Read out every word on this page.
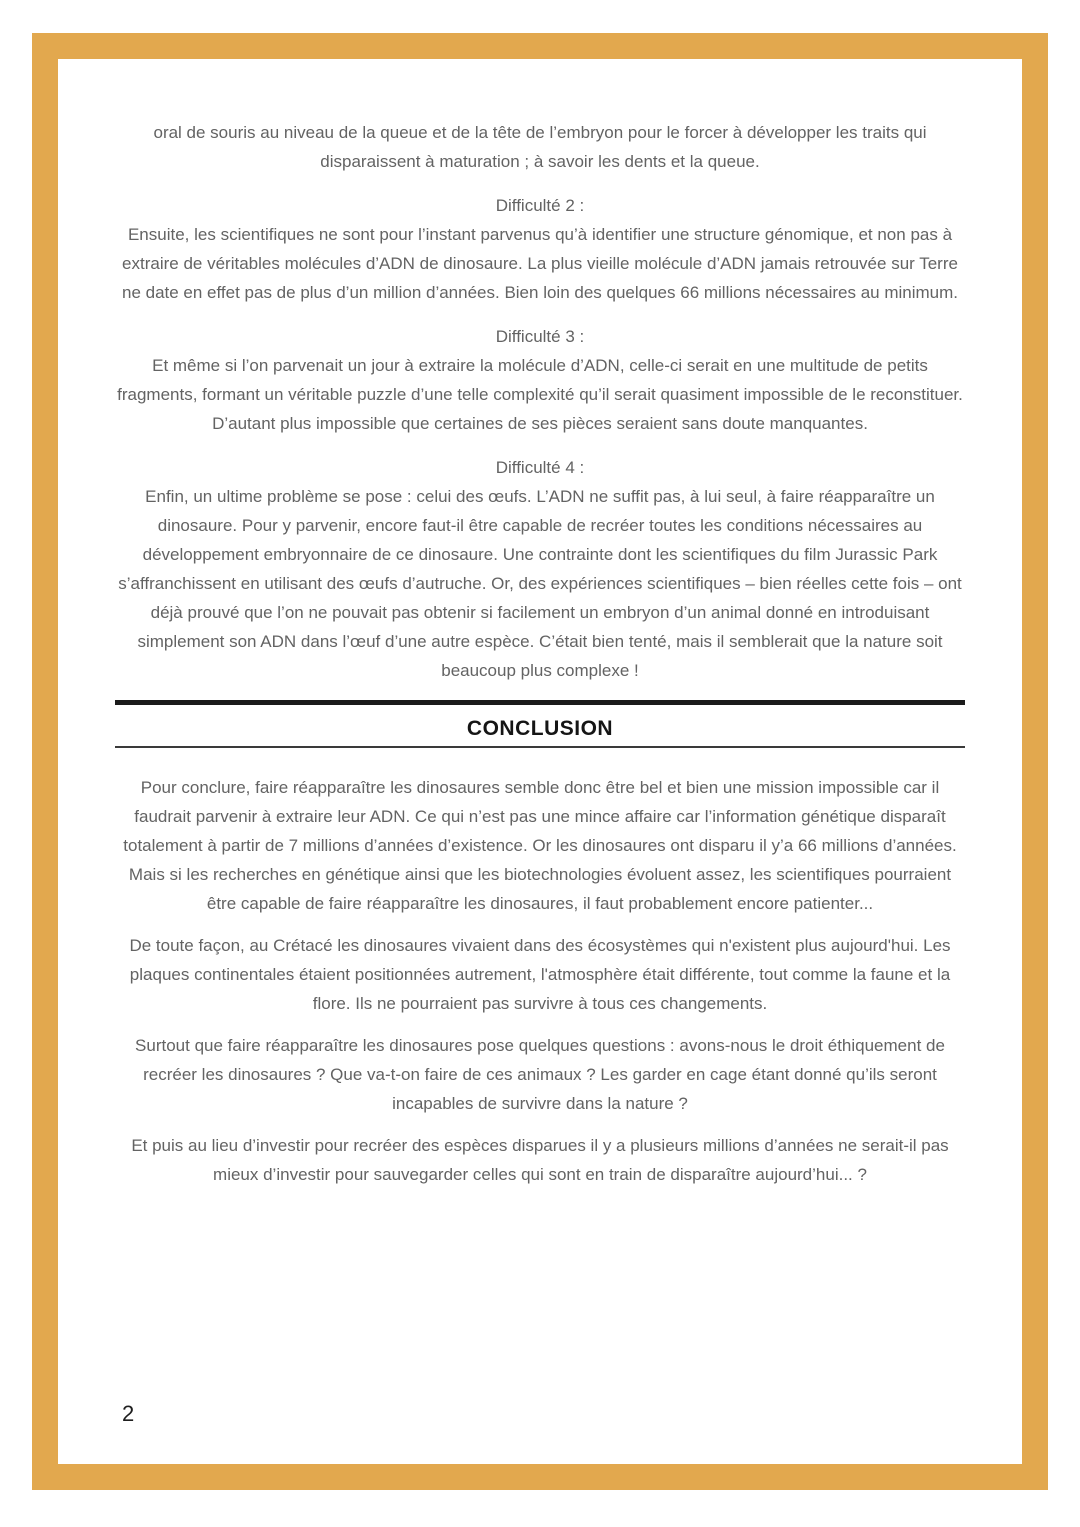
oral de souris au niveau de la queue et de la tête de l’embryon pour le forcer à développer les traits qui disparaissent à maturation ; à savoir les dents et la queue.

Difficulté 2 :

Ensuite, les scientifiques ne sont pour l’instant parvenus qu’à identifier une structure génomique, et non pas à extraire de véritables molécules d’ADN de dinosaure. La plus vieille molécule d’ADN jamais retrouvée sur Terre ne date en effet pas de plus d’un million d’années. Bien loin des quelques 66 millions nécessaires au minimum.

Difficulté 3 :

Et même si l’on parvenait un jour à extraire la molécule d’ADN, celle-ci serait en une multitude de petits fragments, formant un véritable puzzle d’une telle complexité qu’il serait quasiment impossible de le reconstituer. D’autant plus impossible que certaines de ses pièces seraient sans doute manquantes.

Difficulté 4 :

Enfin, un ultime problème se pose : celui des œufs. L’ADN ne suffit pas, à lui seul, à faire réapparaître un dinosaure. Pour y parvenir, encore faut-il être capable de recréer toutes les conditions nécessaires au développement embryonnaire de ce dinosaure. Une contrainte dont les scientifiques du film Jurassic Park s’affranchissent en utilisant des œufs d’autruche. Or, des expériences scientifiques – bien réelles cette fois – ont déjà prouvé que l’on ne pouvait pas obtenir si facilement un embryon d’un animal donné en introduisant simplement son ADN dans l’œuf d’une autre espèce. C’était bien tenté, mais il semblerait que la nature soit beaucoup plus complexe !

CONCLUSION

Pour conclure, faire réapparaître les dinosaures semble donc être bel et bien une mission impossible car il faudrait parvenir à extraire leur ADN. Ce qui n’est pas une mince affaire car l’information génétique disparaît totalement à partir de 7 millions d’années d’existence. Or les dinosaures ont disparu il y’a 66 millions d’années. Mais si les recherches en génétique ainsi que les biotechnologies évoluent assez, les scientifiques pourraient être capable de faire réapparaître les dinosaures, il faut probablement encore patienter...

De toute façon, au Crétacé les dinosaures vivaient dans des écosystèmes qui n'existent plus aujourd'hui. Les plaques continentales étaient positionnées autrement, l'atmosphère était différente, tout comme la faune et la flore. Ils ne pourraient pas survivre à tous ces changements.

Surtout que faire réapparaître les dinosaures pose quelques questions : avons-nous le droit éthiquement de recréer les dinosaures ? Que va-t-on faire de ces animaux ? Les garder en cage étant donné qu’ils seront incapables de survivre dans la nature ?

Et puis au lieu d’investir pour recréer des espèces disparues il y a plusieurs millions d’années ne serait-il pas mieux d’investir pour sauvegarder celles qui sont en train de disparaître aujourd’hui... ?

2
